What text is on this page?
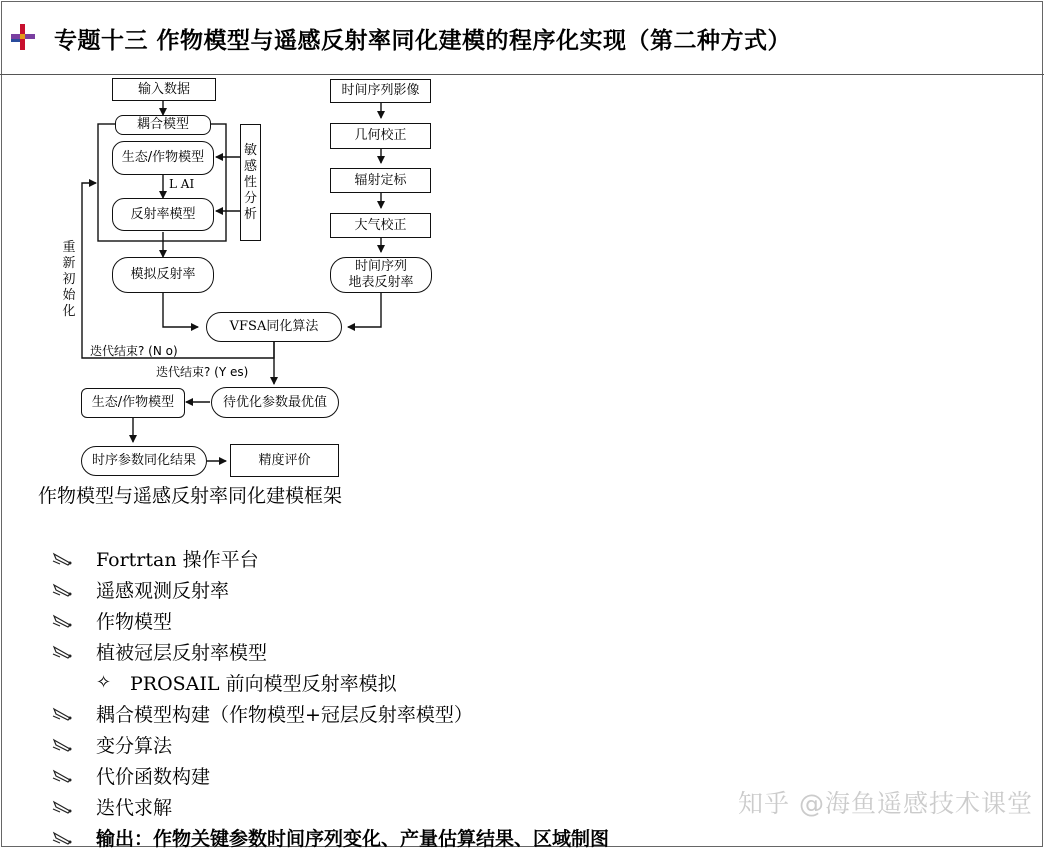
专题十三 作物模型与遥感反射率同化建模的程序化实现（第二种方式）
输入数据
耦合模型
生态/作物模型
L AI
反射率模型
敏感性分析
重新初始化
模拟反射率
时间序列影像
几何校正
辐射定标
大气校正
时间序列
地表反射率
VFSA同化算法
迭代结束? (N o)
迭代结束? (Y es)
待优化参数最优值
生态/作物模型
时序参数同化结果	精度评价
作物模型与遥感反射率同化建模框架
Fortrtan 操作平台
遥感观测反射率
作物模型
植被冠层反射率模型
✧ PROSAIL 前向模型反射率模拟
耦合模型构建（作物模型+冠层反射率模型）
变分算法
代价函数构建
迭代求解
输出：作物关键参数时间序列变化、产量估算结果、区域制图
知乎 @海鱼遥感技术课堂
